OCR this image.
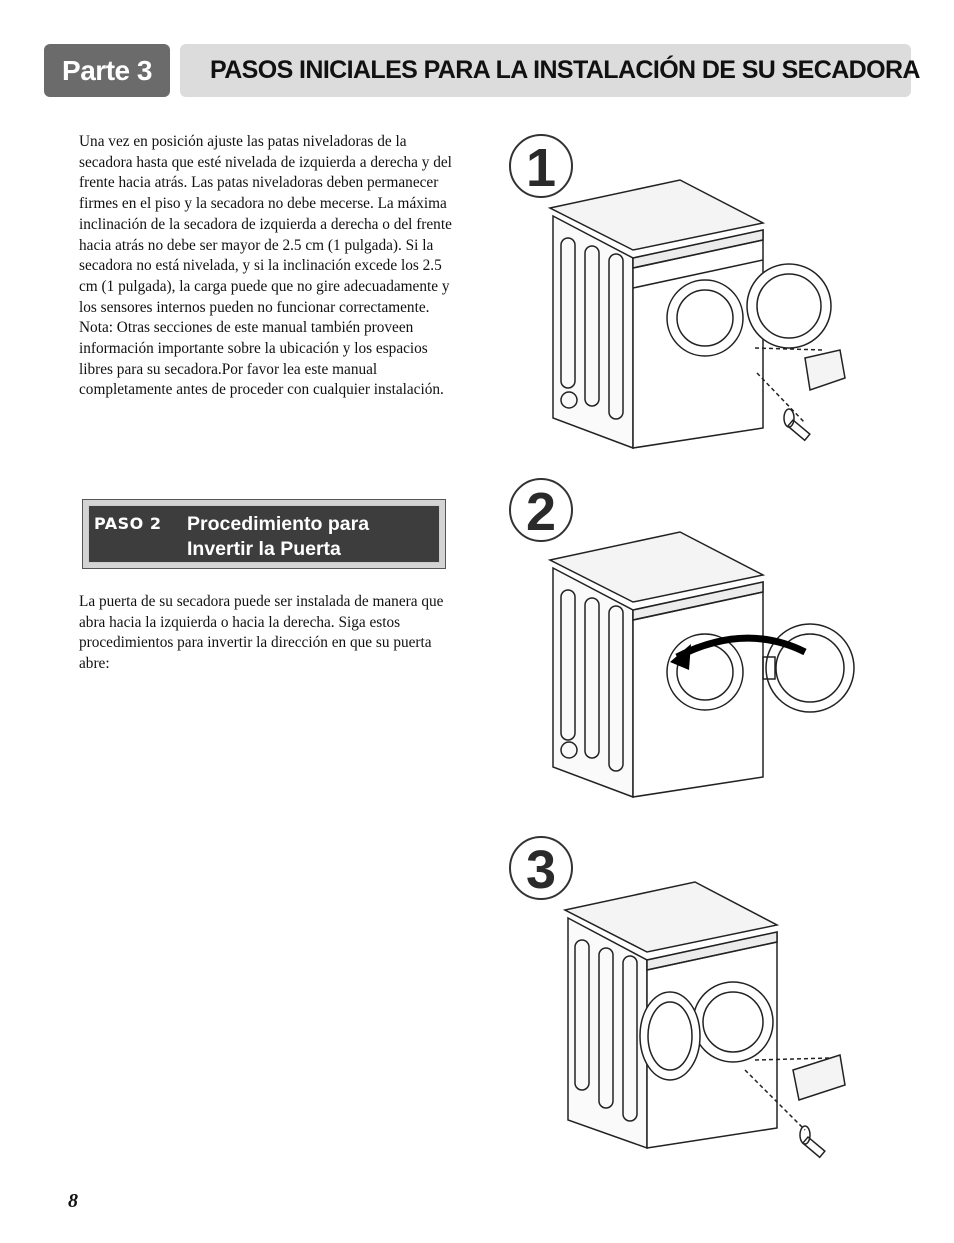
Parte 3	PASOS INICIALES PARA LA INSTALACIÓN DE SU SECADORA
Una vez en posición ajuste las patas niveladoras de la secadora hasta que esté nivelada de izquierda a derecha y del frente hacia atrás. Las patas niveladoras deben permanecer firmes en el piso y la secadora no debe mecerse. La máxima inclinación de la secadora de izquierda a derecha o del frente hacia atrás no debe ser mayor de 2.5 cm (1 pulgada). Si la secadora no está nivelada, y si la inclinación excede los 2.5 cm (1 pulgada), la carga puede que no gire adecuadamente y los sensores internos pueden no funcionar correctamente. Nota: Otras secciones de este manual también proveen información importante sobre la ubicación y los espacios libres para su secadora.Por favor lea este manual completamente antes de proceder con cualquier instalación.
PASO 2 Procedimiento para
Invertir la Puerta
La puerta de su secadora puede ser instalada de manera que abra hacia la izquierda o hacia la derecha. Siga estos procedimientos para invertir la dirección en que su puerta abre:
1
2
3
8
